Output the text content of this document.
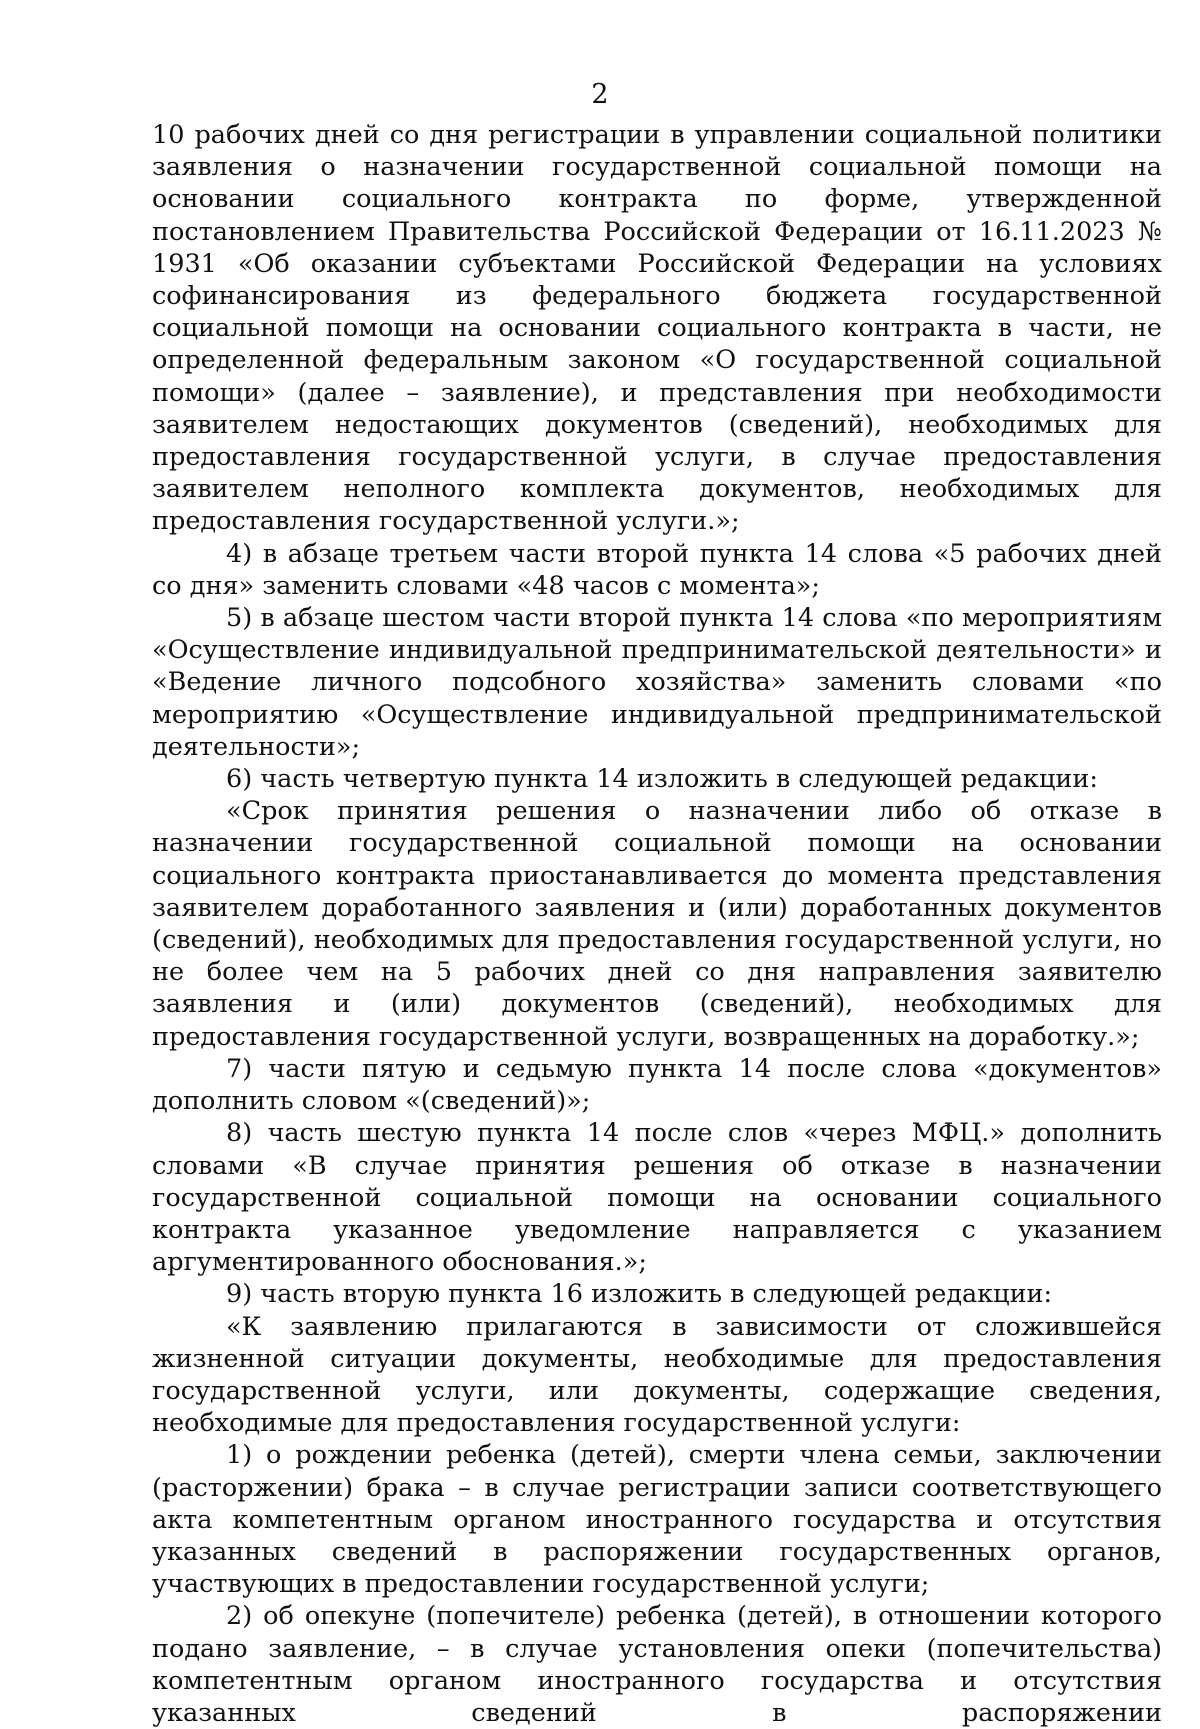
2

10 рабочих дней со дня регистрации в управлении социальной политики заявления о назначении государственной социальной помощи на основании социального контракта по форме, утвержденной постановлением Правительства Российской Федерации от 16.11.2023 № 1931 «Об оказании субъектами Российской Федерации на условиях софинансирования из федерального бюджета государственной социальной помощи на основании социального контракта в части, не определенной федеральным законом «О государственной социальной помощи» (далее – заявление), и представления при необходимости заявителем недостающих документов (сведений), необходимых для предоставления государственной услуги, в случае предоставления заявителем неполного комплекта документов, необходимых для предоставления государственной услуги.»;

4) в абзаце третьем части второй пункта 14 слова «5 рабочих дней со дня» заменить словами «48 часов с момента»;

5) в абзаце шестом части второй пункта 14 слова «по мероприятиям «Осуществление индивидуальной предпринимательской деятельности» и «Ведение личного подсобного хозяйства» заменить словами «по мероприятию «Осуществление индивидуальной предпринимательской деятельности»;

6) часть четвертую пункта 14 изложить в следующей редакции:

«Срок принятия решения о назначении либо об отказе в назначении государственной социальной помощи на основании социального контракта приостанавливается до момента представления заявителем доработанного заявления и (или) доработанных документов (сведений), необходимых для предоставления государственной услуги, но не более чем на 5 рабочих дней со дня направления заявителю заявления и (или) документов (сведений), необходимых для предоставления государственной услуги, возвращенных на доработку.»;

7) части пятую и седьмую пункта 14 после слова «документов» дополнить словом «(сведений)»;

8) часть шестую пункта 14 после слов «через МФЦ.» дополнить словами «В случае принятия решения об отказе в назначении государственной социальной помощи на основании социального контракта указанное уведомление направляется с указанием аргументированного обоснования.»;

9) часть вторую пункта 16 изложить в следующей редакции:

«К заявлению прилагаются в зависимости от сложившейся жизненной ситуации документы, необходимые для предоставления государственной услуги, или документы, содержащие сведения, необходимые для предоставления государственной услуги:

1) о рождении ребенка (детей), смерти члена семьи, заключении (расторжении) брака – в случае регистрации записи соответствующего акта компетентным органом иностранного государства и отсутствия указанных сведений в распоряжении государственных органов, участвующих в предоставлении государственной услуги;

2) об опекуне (попечителе) ребенка (детей), в отношении которого подано заявление, – в случае установления опеки (попечительства) компетентным органом иностранного государства и отсутствия указанных сведений в распоряжении
